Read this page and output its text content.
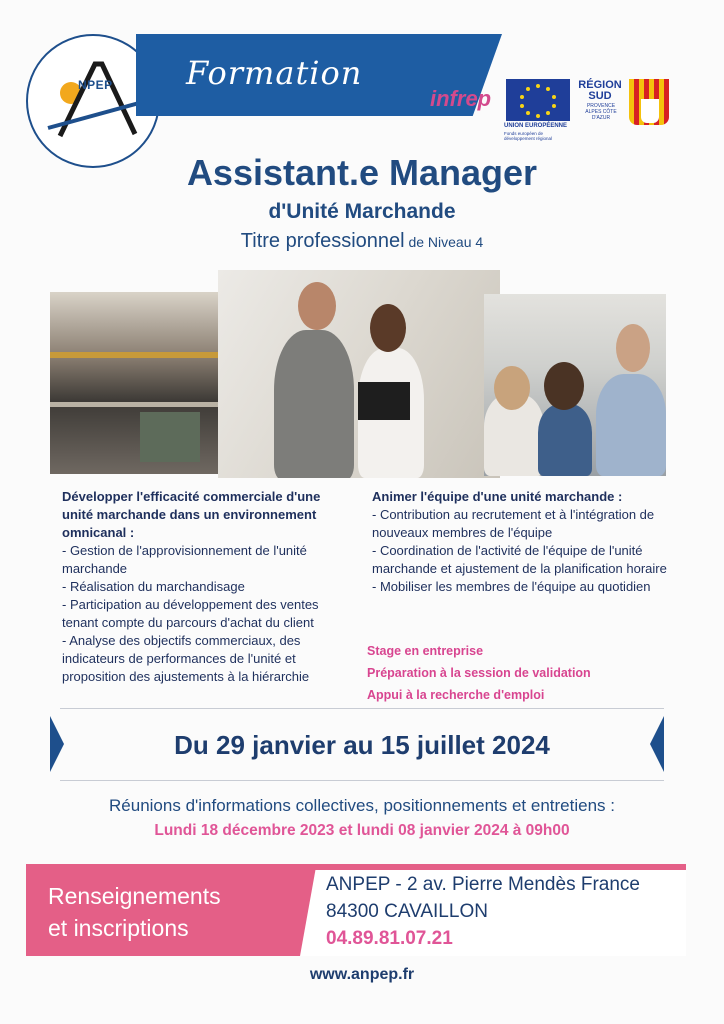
NPEP Formation
infrep
UNION EUROPÉENNE
Fonds européen de développement régional
RÉGION SUD
PROVENCE ALPES CÔTE D'AZUR
Assistant.e Manager
d'Unité Marchande
Titre professionnel de Niveau 4
Développer l'efficacité commerciale d'une unité marchande dans un environnement omnicanal :
- Gestion de l'approvisionnement de l'unité marchande
- Réalisation du marchandisage
- Participation au développement des ventes tenant compte du parcours d'achat du client
- Analyse des objectifs commerciaux, des indicateurs de performances de l'unité et proposition des ajustements à la hiérarchie
Animer l'équipe d'une unité marchande :
- Contribution au recrutement et à l'intégration de nouveaux membres de l'équipe
- Coordination de l'activité de l'équipe de l'unité marchande et ajustement de la planification horaire
- Mobiliser les membres de l'équipe au quotidien
Stage en entreprise
Préparation à la session de validation
Appui à la recherche d'emploi
Du 29 janvier au 15 juillet 2024
Réunions d'informations collectives, positionnements et entretiens :
Lundi 18 décembre 2023 et lundi 08 janvier 2024 à 09h00
Renseignements
et inscriptions
ANPEP - 2 av. Pierre Mendès France
84300 CAVAILLON
04.89.81.07.21
www.anpep.fr
